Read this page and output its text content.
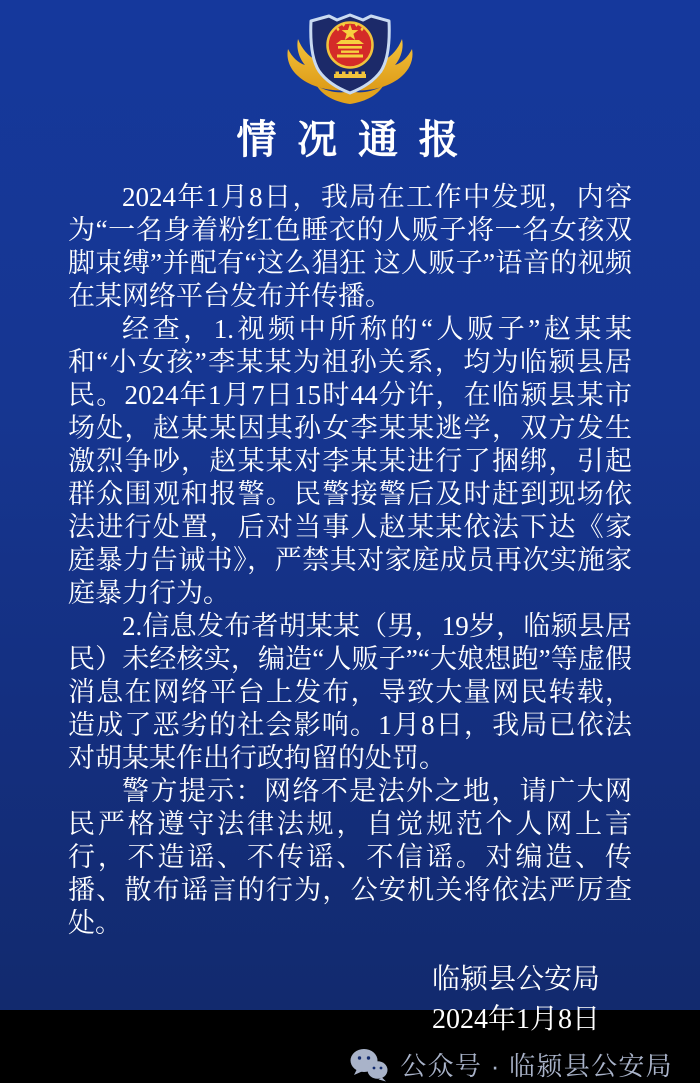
情 况 通 报

2024年1月8日，我局在工作中发现，内容为“一名身着粉红色睡衣的人贩子将一名女孩双脚束缚”并配有“这么猖狂 这人贩子”语音的视频在某网络平台发布并传播。

经查，1.视频中所称的“人贩子”赵某某和“小女孩”李某某为祖孙关系，均为临颍县居民。2024年1月7日15时44分许，在临颍县某市场处，赵某某因其孙女李某某逃学，双方发生激烈争吵，赵某某对李某某进行了捆绑，引起群众围观和报警。民警接警后及时赶到现场依法进行处置，后对当事人赵某某依法下达《家庭暴力告诫书》，严禁其对家庭成员再次实施家庭暴力行为。

2.信息发布者胡某某（男，19岁，临颍县居民）未经核实，编造“人贩子”“大娘想跑”等虚假消息在网络平台上发布，导致大量网民转载，造成了恶劣的社会影响。1月8日，我局已依法对胡某某作出行政拘留的处罚。

警方提示：网络不是法外之地，请广大网民严格遵守法律法规，自觉规范个人网上言行，不造谣、不传谣、不信谣。对编造、传播、散布谣言的行为，公安机关将依法严厉查处。

临颍县公安局
2024年1月8日
公众号 · 临颍县公安局
